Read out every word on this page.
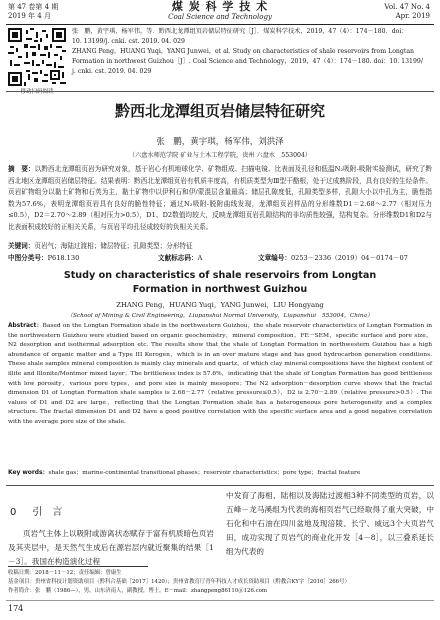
第 47 卷第 4 期
2019 年 4 月
煤 炭 科 学 技 术
Coal Science and Technology
Vol. 47 No. 4
Apr. 2019
移动扫码阅读
张　鹏，黄宇琪，杨军伟，等．黔西北龙潭组页岩储层特征研究［J］．煤炭科学技术，2019，47（4）：174－180．doi：
10. 13199/j. cnki. cst. 2019. 04. 029
ZHANG Peng，HUANG Yuqi，YANG Junwei，et al. Study on characteristics of shale reservoirs from Longtan
Formation in northwest Guizhou［J］. Coal Science and Technology，2019，47（4）：174－180. doi：10. 13199/
j. cnki. cst. 2019. 04. 029
黔西北龙潭组页岩储层特征研究
张　鹏，黄宇琪，杨军伟，刘洪泽
（六盘水师范学院 矿业与土木工程学院，贵州 六盘水　553004）
摘　要：以黔西北龙潭组页岩为研究对象，基于岩心有机地球化学、矿物组成、扫描电镜、比表面及孔径和低温N₂吸附-吸附实验测试，研究了黔西北地区龙潭组页岩储层特征。结果表明：黔西北龙潭组页岩有机质丰度高，有机质类型为Ⅲ型干酪根，处于过成熟阶段，具有良好的生烃条件。页岩矿物组分以黏土矿物和石英为主，黏土矿物中以伊利石和伊/蒙混层含量最高；储层孔隙度低，孔隙类型多样，孔隙大小以中孔为主，脆性指数为57.6%，表明龙潭组页岩具有良好的脆性特征；通过N₂吸附-脱附曲线发现，龙潭组页岩样品的分形维数D1＝2.68～2.77（相对压力≤0.5），D2＝2.70～2.89（相对压力>0.5），D1、D2数值均较大，反映龙潭组页岩孔隙结构的非均质性较强，结构复杂。分形维数D1和D2与比表面积成较好的正相关关系，与页岩平均孔径成较好的负相关关系。
关键词：页岩气；海陆过渡相；储层特征；孔隙类型；分形特征
中图分类号：P618.130	文献标志码：A	文章编号：0253－2336（2019）04－0174－07
Study on characteristics of shale reservoirs from Longtan
Formation in northwest Guizhou
ZHANG Peng，HUANG Yuqi，YANG Junwei，LIU Hongyang
（School of Mining & Civil Engineering，Liupanshui Normal University，Liupanshui　553004，China）
Abstract：Based on the Longtan Formation shale in the northwestern Guizhou，the shale reservoir characteristics of Longtan Formation in the northwestern Guizhou were studied based on organic geochemistry，mineral composition，FE－SEM，specific surface and pore size，N2 desorption and isothermal adsorption etc. The results show that the shale of Longtan Formation in northwestern Guizhou has a high abundance of organic matter and a Type III Kerogen，which is in an over mature stage and has good hydrocarbon generation conditions. These shale samples mineral composition is mainly clay minerals and quartz，of which clay mineral compositions have the highest content of illite and Illonite/Montmor mixed layer；The brittleness index is 57.6%，indicating that the shale of Longtan Formation has good brittleness with low porosity，various pore types，and pore size is mainly mesopore；The N2 adsorption－desorption curve shows that the fractal dimension D1 of Longtan Formation shale samples is 2.68－2.77（relative pressure≤0.5），D2 is 2.70－2.89（relative pressure>0.5）. The values of D1 and D2 are large，reflecting that the Longtan Formation shale has a heterogeneous pore heterogeneity and a complex structure. The fractal dimension D1 and D2 have a good positive correlation with the specific surface area and a good negative correlation with the average pore size of the shale.
Key words：shale gas；marine-continental transitional phases；reservoir characteristics；pore type；fractal feature
0 引　言
页岩气主体上以吸附或游离状态赋存于富有机质暗色页岩及其夹层中，是天然气生成后在源岩层内就近聚集的结果［1－3］。我国在构造演化过程
中发育了海相、陆相以及海陆过渡相3种不同类型的页岩，以五峰－龙马溪组为代表的海相页岩气已经取得了重大突破，中石化和中石油在四川盆地及现涪陵、长宁、威远3个大页岩气田，成功实现了页岩气的商业化开发［4－8］，以三叠系延长组为代表的
收稿日期：2018－11－12；责任编辑：曾康生
基金项目：贵州省科技计划资助项目（黔科合基础［2017］1420）；贵州省教育厅青年科技人才成长资助项目（黔教合KY字［2016］266号）
作者简介：张　鹏（1986—），男，山东济南人，副教授，博士。E－mail：zhangpeng86110＠126.com
174
